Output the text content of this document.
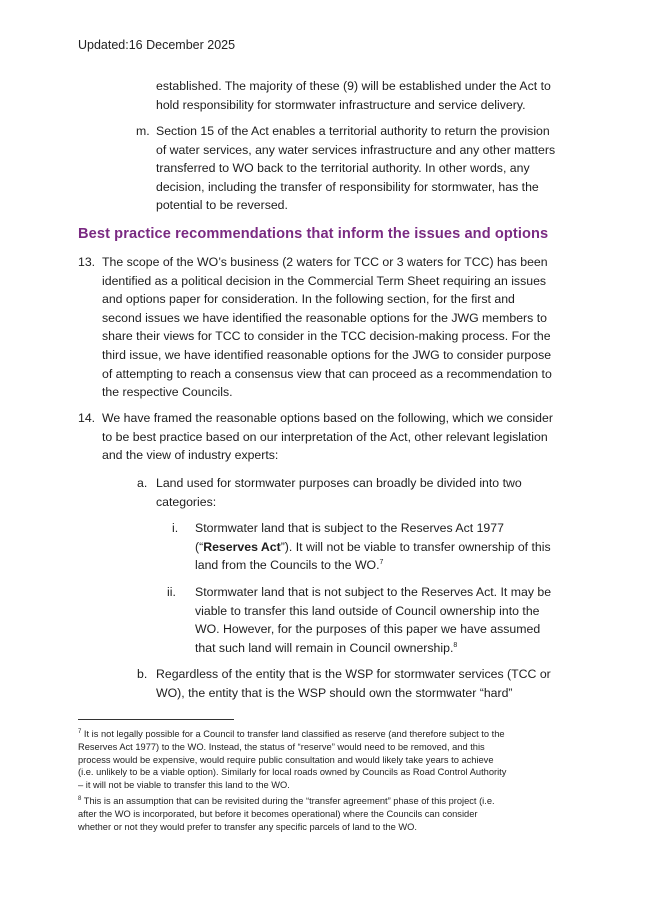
Updated:16 December 2025
established. The majority of these (9) will be established under the Act to
hold responsibility for stormwater infrastructure and service delivery.
m. Section 15 of the Act enables a territorial authority to return the provision
of water services, any water services infrastructure and any other matters
transferred to WO back to the territorial authority. In other words, any
decision, including the transfer of responsibility for stormwater, has the
potential to be reversed.
Best practice recommendations that inform the issues and options
13. The scope of the WO’s business (2 waters for TCC or 3 waters for TCC) has been
identified as a political decision in the Commercial Term Sheet requiring an issues
and options paper for consideration. In the following section, for the first and
second issues we have identified the reasonable options for the JWG members to
share their views for TCC to consider in the TCC decision-making process. For the
third issue, we have identified reasonable options for the JWG to consider purpose
of attempting to reach a consensus view that can proceed as a recommendation to
the respective Councils.
14. We have framed the reasonable options based on the following, which we consider
to be best practice based on our interpretation of the Act, other relevant legislation
and the view of industry experts:
a. Land used for stormwater purposes can broadly be divided into two
categories:
i. Stormwater land that is subject to the Reserves Act 1977
(“Reserves Act”). It will not be viable to transfer ownership of this
land from the Councils to the WO.$^7$
ii. Stormwater land that is not subject to the Reserves Act. It may be
viable to transfer this land outside of Council ownership into the
WO. However, for the purposes of this paper we have assumed
that such land will remain in Council ownership.$^8$
b. Regardless of the entity that is the WSP for stormwater services (TCC or
WO), the entity that is the WSP should own the stormwater “hard”
$^7$ It is not legally possible for a Council to transfer land classified as reserve (and therefore subject to the
Reserves Act 1977) to the WO. Instead, the status of “reserve” would need to be removed, and this
process would be expensive, would require public consultation and would likely take years to achieve
(i.e. unlikely to be a viable option). Similarly for local roads owned by Councils as Road Control Authority
– it will not be viable to transfer this land to the WO.
$^8$ This is an assumption that can be revisited during the “transfer agreement” phase of this project (i.e.
after the WO is incorporated, but before it becomes operational) where the Councils can consider
whether or not they would prefer to transfer any specific parcels of land to the WO.
